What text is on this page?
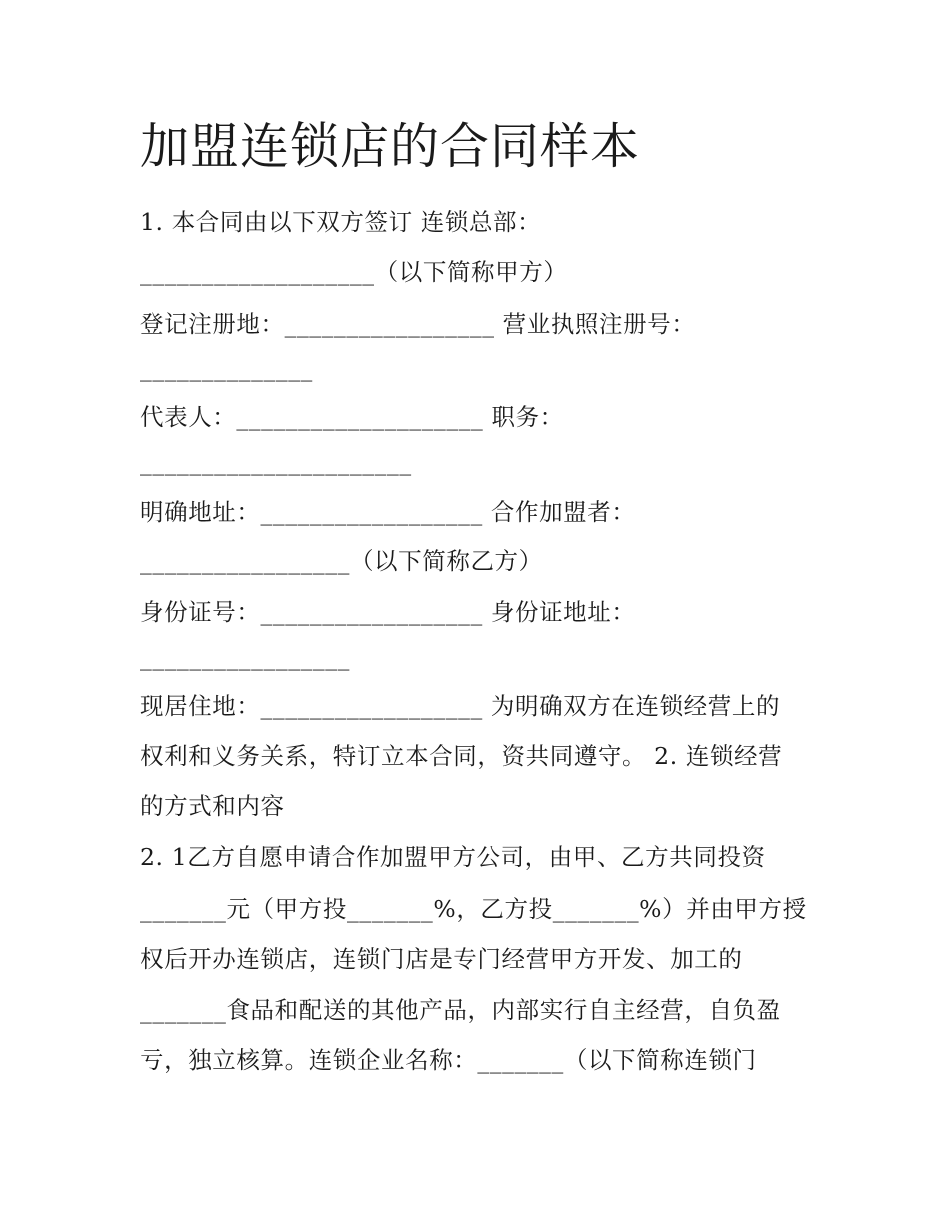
加盟连锁店的合同样本

1. 本合同由以下双方签订 连锁总部：

___________________（以下简称甲方）

登记注册地：_________________ 营业执照注册号：

______________

代表人：____________________ 职务：

______________________

明确地址：__________________ 合作加盟者：

_________________（以下简称乙方）

身份证号：__________________ 身份证地址：

_________________

现居住地：__________________ 为明确双方在连锁经营上的

权利和义务关系，特订立本合同，资共同遵守。 2. 连锁经营

的方式和内容

2. 1乙方自愿申请合作加盟甲方公司，由甲、乙方共同投资

_______元（甲方投_______%，乙方投_______%）并由甲方授

权后开办连锁店，连锁门店是专门经营甲方开发、加工的

_______食品和配送的其他产品，内部实行自主经营，自负盈

亏，独立核算。连锁企业名称：_______（以下简称连锁门
